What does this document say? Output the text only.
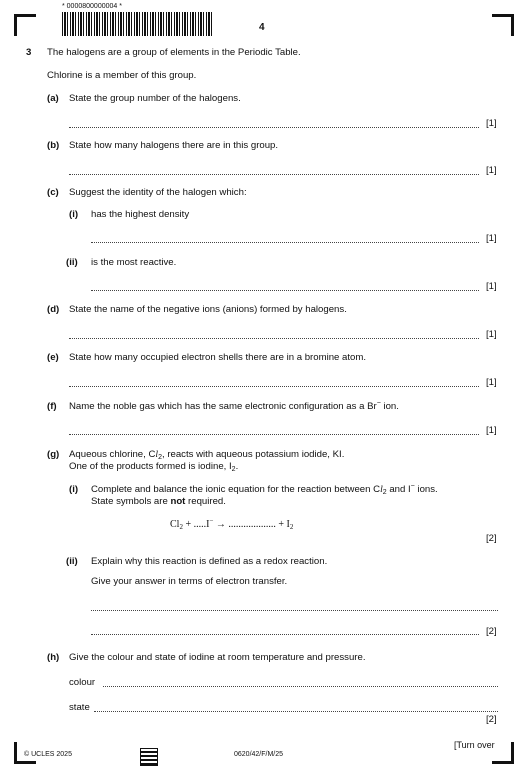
* 0000800000004 *
4
3 The halogens are a group of elements in the Periodic Table.
Chlorine is a member of this group.
(a) State the group number of the halogens.
[1]
(b) State how many halogens there are in this group.
[1]
(c) Suggest the identity of the halogen which:
(i) has the highest density
[1]
(ii) is the most reactive.
[1]
(d) State the name of the negative ions (anions) formed by halogens.
[1]
(e) State how many occupied electron shells there are in a bromine atom.
[1]
(f) Name the noble gas which has the same electronic configuration as a Br− ion.
[1]
(g) Aqueous chlorine, $Cl_2$, reacts with aqueous potassium iodide, KI.
One of the products formed is iodine, $I_2$.
(i) Complete and balance the ionic equation for the reaction between $Cl_2$ and I− ions.
State symbols are not required.
$Cl_2 + .....I^-$ → ................... + $I_2$
[2]
(ii) Explain why this reaction is defined as a redox reaction.
Give your answer in terms of electron transfer.
[2]
(h) Give the colour and state of iodine at room temperature and pressure.
colour
state
[2]
© UCLES 2025	0620/42/F/M/25
[Turn over
